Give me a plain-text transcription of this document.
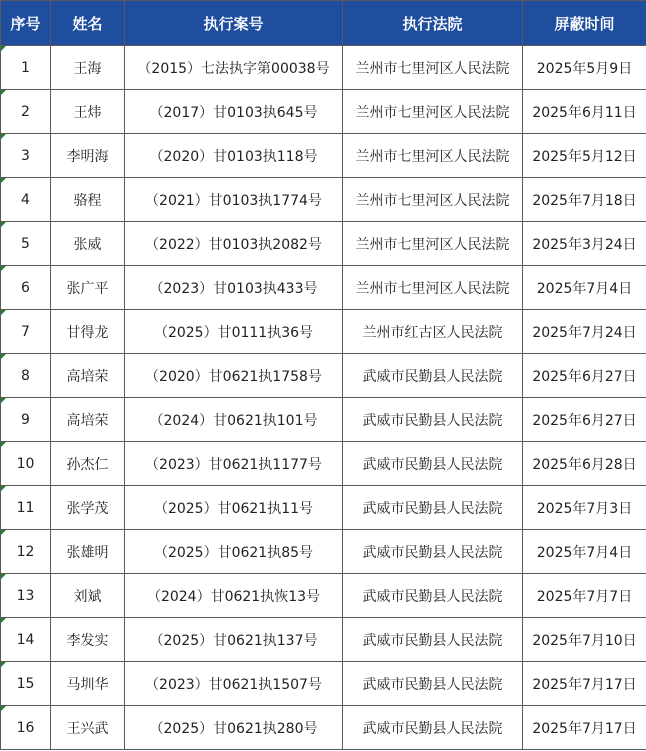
序号	姓名	执行案号	执行法院	屏蔽时间
1	王海	（2015）七法执字第00038号	兰州市七里河区人民法院	2025年5月9日
2	王炜	（2017）甘0103执645号	兰州市七里河区人民法院	2025年6月11日
3	李明海	（2020）甘0103执118号	兰州市七里河区人民法院	2025年5月12日
4	骆程	（2021）甘0103执1774号	兰州市七里河区人民法院	2025年7月18日
5	张威	（2022）甘0103执2082号	兰州市七里河区人民法院	2025年3月24日
6	张广平	（2023）甘0103执433号	兰州市七里河区人民法院	2025年7月4日
7	甘得龙	（2025）甘0111执36号	兰州市红古区人民法院	2025年7月24日
8	高培荣	（2020）甘0621执1758号	武威市民勤县人民法院	2025年6月27日
9	高培荣	（2024）甘0621执101号	武威市民勤县人民法院	2025年6月27日
10	孙杰仁	（2023）甘0621执1177号	武威市民勤县人民法院	2025年6月28日
11	张学茂	（2025）甘0621执11号	武威市民勤县人民法院	2025年7月3日
12	张雄明	（2025）甘0621执85号	武威市民勤县人民法院	2025年7月4日
13	刘斌	（2024）甘0621执恢13号	武威市民勤县人民法院	2025年7月7日
14	李发实	（2025）甘0621执137号	武威市民勤县人民法院	2025年7月10日
15	马圳华	（2023）甘0621执1507号	武威市民勤县人民法院	2025年7月17日
16	王兴武	（2025）甘0621执280号	武威市民勤县人民法院	2025年7月17日
